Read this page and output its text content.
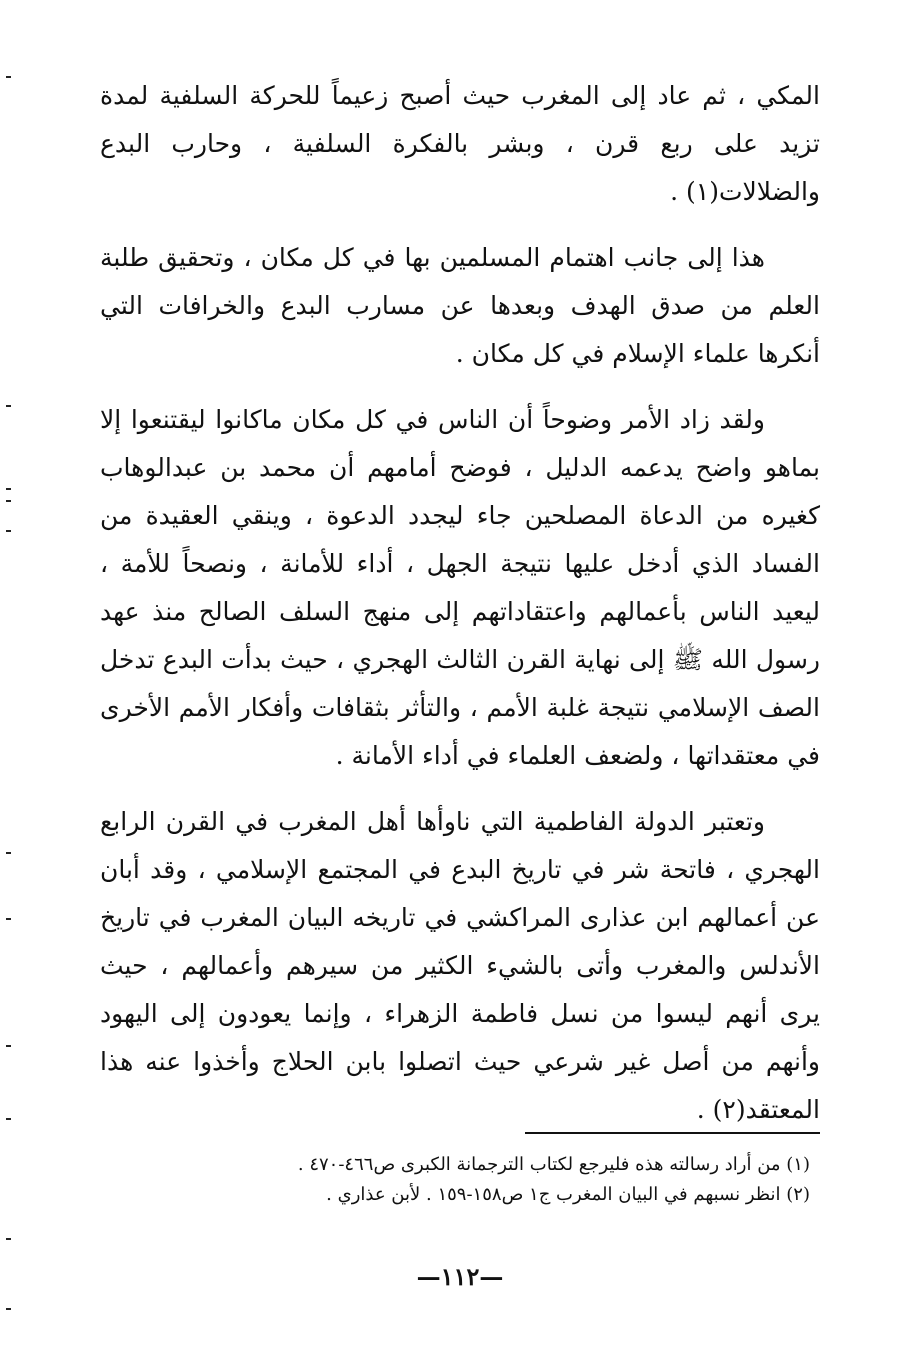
المكي ، ثم عاد إلى المغرب حيث أصبح زعيماً للحركة السلفية لمدة تزيد على ربع قرن ، وبشر بالفكرة السلفية ، وحارب البدع والضلالات(١) .

هذا إلى جانب اهتمام المسلمين بها في كل مكان ، وتحقيق طلبة العلم من صدق الهدف وبعدها عن مسارب البدع والخرافات التي أنكرها علماء الإسلام في كل مكان .

ولقد زاد الأمر وضوحاً أن الناس في كل مكان ماكانوا ليقتنعوا إلا بماهو واضح يدعمه الدليل ، فوضح أمامهم أن محمد بن عبدالوهاب كغيره من الدعاة المصلحين جاء ليجدد الدعوة ، وينقي العقيدة من الفساد الذي أدخل عليها نتيجة الجهل ، أداء للأمانة ، ونصحاً للأمة ، ليعيد الناس بأعمالهم واعتقاداتهم إلى منهج السلف الصالح منذ عهد رسول الله ﷺ إلى نهاية القرن الثالث الهجري ، حيث بدأت البدع تدخل الصف الإسلامي نتيجة غلبة الأمم ، والتأثر بثقافات وأفكار الأمم الأخرى في معتقداتها ، ولضعف العلماء في أداء الأمانة .

وتعتبر الدولة الفاطمية التي ناوأها أهل المغرب في القرن الرابع الهجري ، فاتحة شر في تاريخ البدع في المجتمع الإسلامي ، وقد أبان عن أعمالهم ابن عذارى المراكشي في تاريخه البيان المغرب في تاريخ الأندلس والمغرب وأتى بالشيء الكثير من سيرهم وأعمالهم ، حيث يرى أنهم ليسوا من نسل فاطمة الزهراء ، وإنما يعودون إلى اليهود وأنهم من أصل غير شرعي حيث اتصلوا بابن الحلاج وأخذوا عنه هذا المعتقد(٢) .

(١) من أراد رسالته هذه فليرجع لكتاب الترجمانة الكبرى ص٤٦٦-٤٧٠ .

(٢) انظر نسبهم في البيان المغرب ج١ ص١٥٨-١٥٩ . لأبن عذاري .

—١١٢—
